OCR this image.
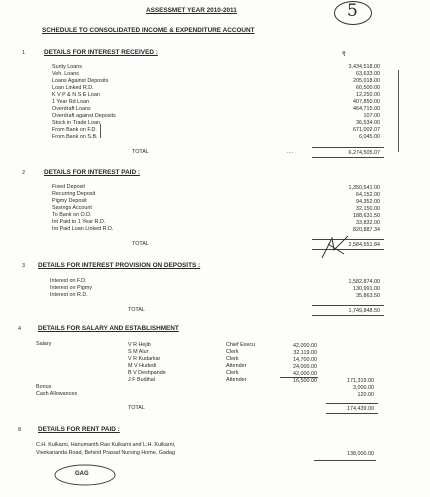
ASSESSMET YEAR 2010-2011	5
SCHEDULE TO CONSOLIDATED INCOME & EXPENDITURE ACCOUNT
₹
1	DETAILS FOR INTEREST RECEIVED :
Surity Loans	3,434,518.00
Veh. Loans	63,633.00
Loans Against Deposits	205,018.00
Loan Linked R.D.	60,500.00
K V P & N S E Loan	12,250.00
1 Year Rd Loan	407,850.00
Overdraft Loans	464,715.00
Overdraft against Deposits	107.00
Stock in Trade Loan	36,534.00
From Bank on F.D.	671,002.07
From Bank on S.B.	6,045.00
TOTAL	....	6,274,505.07
2	DETAILS FOR INTEREST PAID :
Fixed Deposit	1,350,541.00
Recurring Deposit	64,152.00
Pigmy Deposit	94,352.00
Savings Account	32,150.00
To Bank on O.D.	188,631.50
Int Paid to 1 Year R.D.	33,832.00
Int Paid Loan Linked R.D.	820,887.34
TOTAL	2,584,551.84
3 DETAILS FOR INTEREST PROVISION ON DEPOSITS :
Interest on F.D.	1,582,874.00
Interest on Pigmy	130,991.00
Interest on R.D.	35,863.50
TOTAL	1,749,848.50
4	DETAILS FOR SALARY AND ESTABLISHMENT
Salary	V R Hejib	Chief Execu	42,000.00
S M Alur	Clerk	32,119.00
V R Kudarkar	Clerk	14,700.00
M V Hudedi	Attender	24,000.00
B V Deshpande	Clerk	42,000.00
J F Budihal	Attender	16,500.00	171,319.00
Bonus	3,000.00
Cash Allowances	120.00
TOTAL	174,439.00
8	DETAILS FOR RENT PAID :
C.H. Kulkarni, Hanumanth Rao Kulkarni and L.H. Kulkarni,
Vivekananda Road, Behind Prasad Nursing Home, Gadag	138,000.00
GAG
